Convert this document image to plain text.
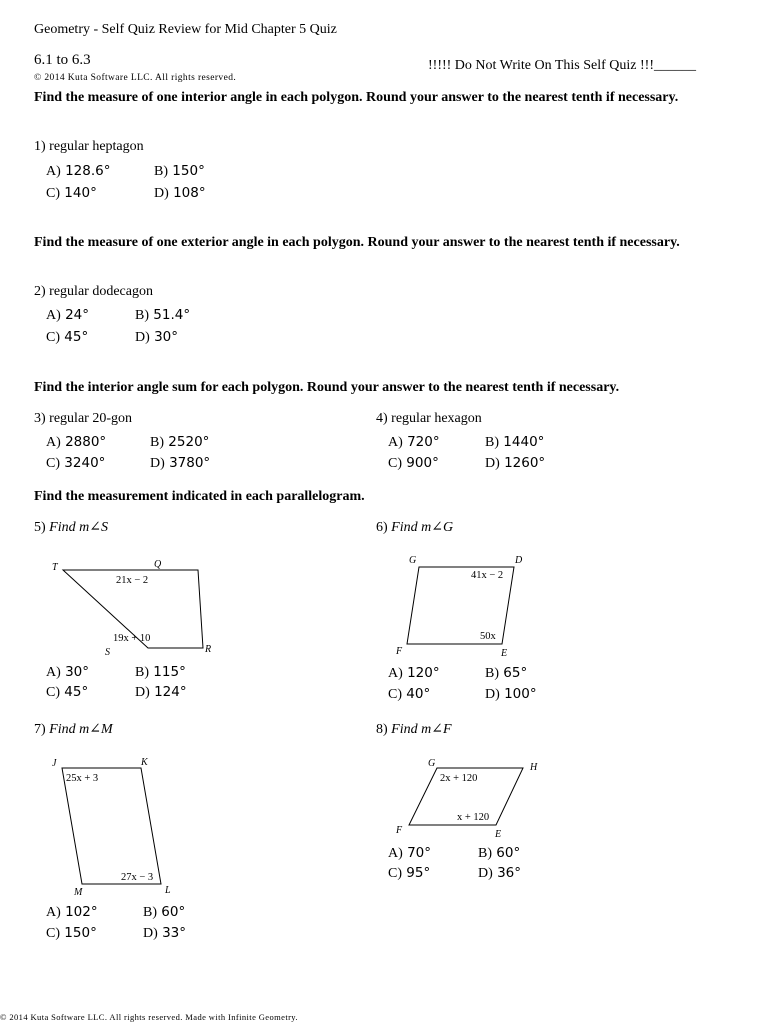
Geometry - Self Quiz Review for Mid Chapter 5 Quiz
6.1 to 6.3	!!!!! Do Not Write On This Self Quiz !!!______
© 2014 Kuta Software LLC. All rights reserved.
Find the measure of one interior angle in each polygon. Round your answer to the nearest tenth if necessary.
1) regular heptagon
A) 128.6°	B) 150°
C) 140°	D) 108°
Find the measure of one exterior angle in each polygon. Round your answer to the nearest tenth if necessary.
2) regular dodecagon
A) 24°	B) 51.4°
C) 45°	D) 30°
Find the interior angle sum for each polygon. Round your answer to the nearest tenth if necessary.
3) regular 20-gon
A) 2880°	B) 2520°
C) 3240°	D) 3780°
4) regular hexagon
A) 720°	B) 1440°
C) 900°	D) 1260°
Find the measurement indicated in each parallelogram.
5) Find m∠S
T	Q
R
S
21x − 2
19x + 10
A) 30°	B) 115°
C) 45°	D) 124°
6) Find m∠G
G	D
E
F
41x − 2
50x
A) 120°	B) 65°
C) 40°	D) 100°
7) Find m∠M
J	K
L
M
25x + 3
27x − 3
A) 102°	B) 60°
C) 150°	D) 33°
8) Find m∠F
G	H
E
F
2x + 120
x + 120
A) 70°	B) 60°
C) 95°	D) 36°
© 2014 Kuta Software LLC. All rights reserved. Made with Infinite Geometry.
